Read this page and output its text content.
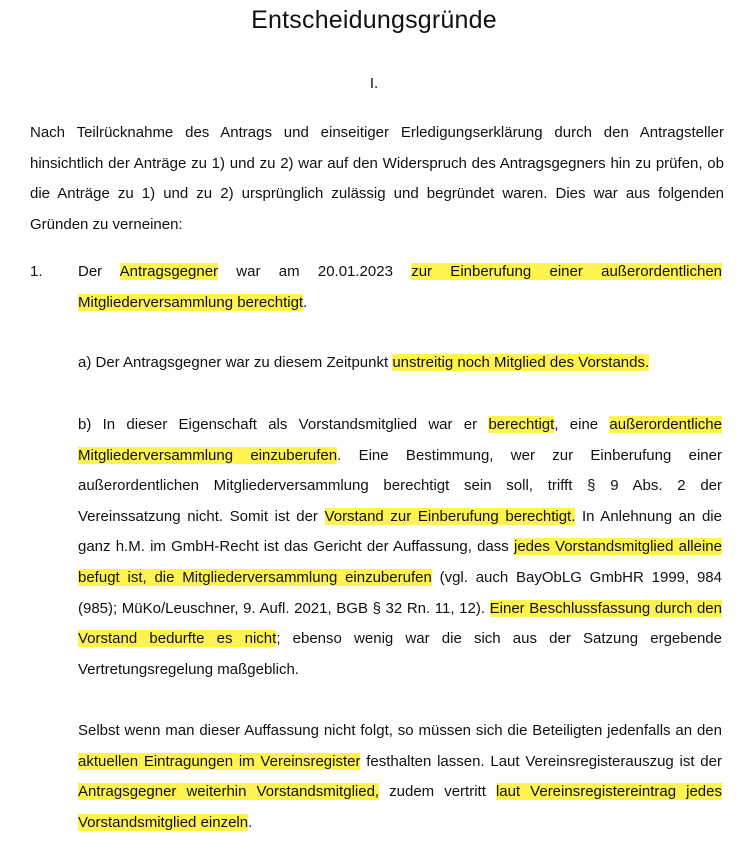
Entscheidungsgründe
I.
Nach Teilrücknahme des Antrags und einseitiger Erledigungserklärung durch den Antragsteller hinsichtlich der Anträge zu 1) und zu 2) war auf den Widerspruch des Antragsgegners hin zu prüfen, ob die Anträge zu 1) und zu 2) ursprünglich zulässig und begründet waren. Dies war aus folgenden Gründen zu verneinen:
1. Der Antragsgegner war am 20.01.2023 zur Einberufung einer außerordentlichen Mitgliederversammlung berechtigt.
a) Der Antragsgegner war zu diesem Zeitpunkt unstreitig noch Mitglied des Vorstands.
b) In dieser Eigenschaft als Vorstandsmitglied war er berechtigt, eine außerordentliche Mitgliederversammlung einzuberufen. Eine Bestimmung, wer zur Einberufung einer außerordentlichen Mitgliederversammlung berechtigt sein soll, trifft § 9 Abs. 2 der Vereinssatzung nicht. Somit ist der Vorstand zur Einberufung berechtigt. In Anlehnung an die ganz h.M. im GmbH-Recht ist das Gericht der Auffassung, dass jedes Vorstandsmitglied alleine befugt ist, die Mitgliederversammlung einzuberufen (vgl. auch BayObLG GmbHR 1999, 984 (985); MüKo/Leuschner, 9. Aufl. 2021, BGB § 32 Rn. 11, 12). Einer Beschlussfassung durch den Vorstand bedurfte es nicht; ebenso wenig war die sich aus der Satzung ergebende Vertretungsregelung maßgeblich.
Selbst wenn man dieser Auffassung nicht folgt, so müssen sich die Beteiligten jedenfalls an den aktuellen Eintragungen im Vereinsregister festhalten lassen. Laut Vereinsregisterauszug ist der Antragsgegner weiterhin Vorstandsmitglied, zudem vertritt laut Vereinsregistereintrag jedes Vorstandsmitglied einzeln.
